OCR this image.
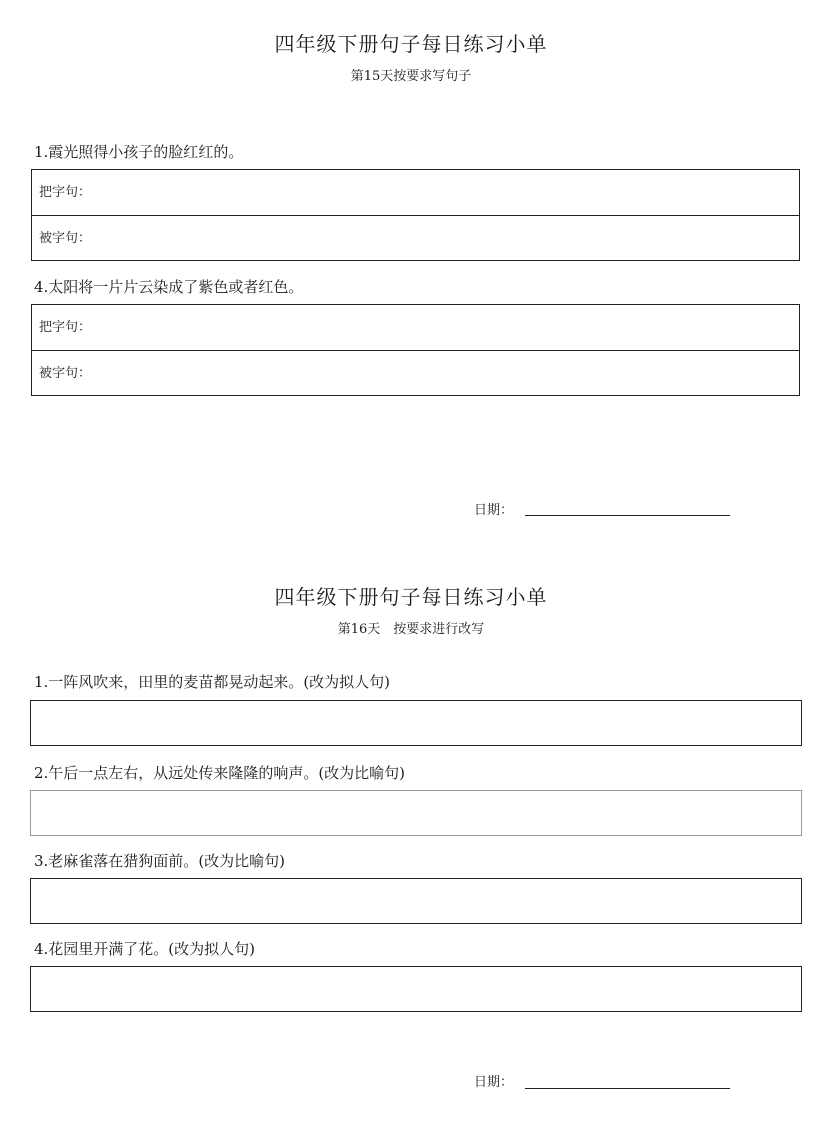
四年级下册句子每日练习小单
第15天按要求写句子
1.霞光照得小孩子的脸红红的。
把字句：
被字句：
4.太阳将一片片云染成了紫色或者红色。
把字句：
被字句：
日期：
四年级下册句子每日练习小单
第16天　按要求进行改写
1.一阵风吹来，田里的麦苗都晃动起来。(改为拟人句)
2.午后一点左右，从远处传来隆隆的响声。(改为比喻句)
3.老麻雀落在猎狗面前。(改为比喻句)
4.花园里开满了花。(改为拟人句)
日期：
